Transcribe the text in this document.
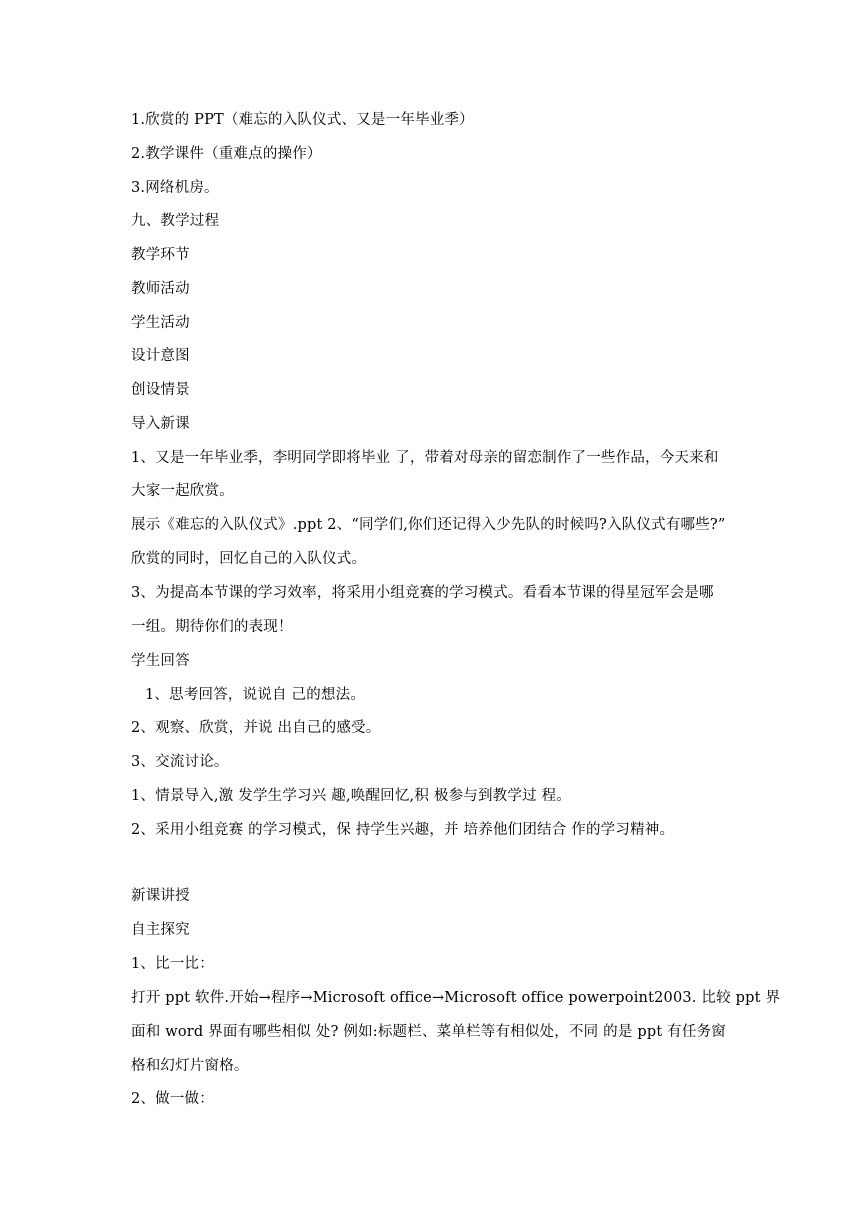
1.欣赏的 PPT（难忘的入队仪式、又是一年毕业季）
2.教学课件（重难点的操作）
3.网络机房。
九、教学过程
教学环节
教师活动
学生活动
设计意图
创设情景
导入新课
1、又是一年毕业季，李明同学即将毕业 了，带着对母亲的留恋制作了一些作品，今天来和
大家一起欣赏。
展示《难忘的入队仪式》.ppt 2、“同学们,你们还记得入少先队的时候吗?入队仪式有哪些?”
欣赏的同时，回忆自己的入队仪式。
3、为提高本节课的学习效率，将采用小组竞赛的学习模式。看看本节课的得星冠军会是哪
一组。期待你们的表现！
学生回答
1、思考回答，说说自 己的想法。
2、观察、欣赏，并说 出自己的感受。
3、交流讨论。
1、情景导入,激 发学生学习兴 趣,唤醒回忆,积 极参与到教学过 程。
2、采用小组竞赛 的学习模式，保 持学生兴趣，并 培养他们团结合 作的学习精神。
新课讲授
自主探究
1、比一比：
打开 ppt 软件.开始→程序→Microsoft office→Microsoft office powerpoint2003. 比较 ppt 界
面和 word 界面有哪些相似 处? 例如:标题栏、菜单栏等有相似处，不同 的是 ppt 有任务窗
格和幻灯片窗格。
2、做一做：
